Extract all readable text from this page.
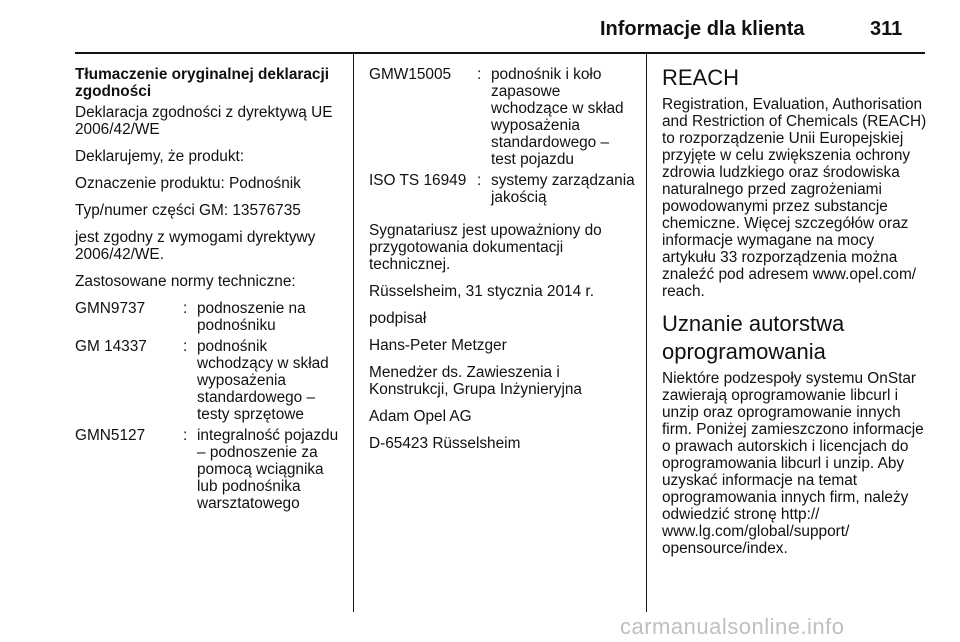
Informacje dla klienta	311
Tłumaczenie oryginalnej deklaracji zgodności

Deklaracja zgodności z dyrektywą UE 2006/42/WE

Deklarujemy, że produkt:

Oznaczenie produktu: Podnośnik

Typ/numer części GM: 13576735

jest zgodny z wymogami dyrektywy 2006/42/WE.

Zastosowane normy techniczne:

GMN9737	:	podnoszenie na podnośniku
GM 14337	:	podnośnik wchodzący w skład wyposażenia standardowego – testy sprzętowe
GMN5127	:	integralność pojazdu – podnoszenie za pomocą wciągnika lub podnośnika warsztatowego
GMW15005	:	podnośnik i koło zapasowe wchodzące w skład wyposażenia standardowego – test pojazdu
ISO TS 16949	:	systemy zarządzania jakością

Sygnatariusz jest upoważniony do przygotowania dokumentacji technicznej.

Rüsselsheim, 31 stycznia 2014 r.

podpisał

Hans-Peter Metzger

Menedżer ds. Zawieszenia i Konstrukcji, Grupa Inżynieryjna

Adam Opel AG

D-65423 Rüsselsheim

REACH

Registration, Evaluation, Authorisation and Restriction of Chemicals (REACH) to rozporządzenie Unii Europejskiej przyjęte w celu zwiększenia ochrony zdrowia ludzkiego oraz środowiska naturalnego przed zagrożeniami powodowanymi przez substancje chemiczne. Więcej szczegółów oraz informacje wymagane na mocy artykułu 33 rozporządzenia można znaleźć pod adresem www.opel.com/ reach.

Uznanie autorstwa oprogramowania

Niektóre podzespoły systemu OnStar zawierają oprogramowanie libcurl i unzip oraz oprogramowanie innych firm. Poniżej zamieszczono informacje o prawach autorskich i licencjach do oprogramowania libcurl i unzip. Aby uzyskać informacje na temat oprogramowania innych firm, należy odwiedzić stronę http:// www.lg.com/global/support/ opensource/index.

carmanualsonline.info
